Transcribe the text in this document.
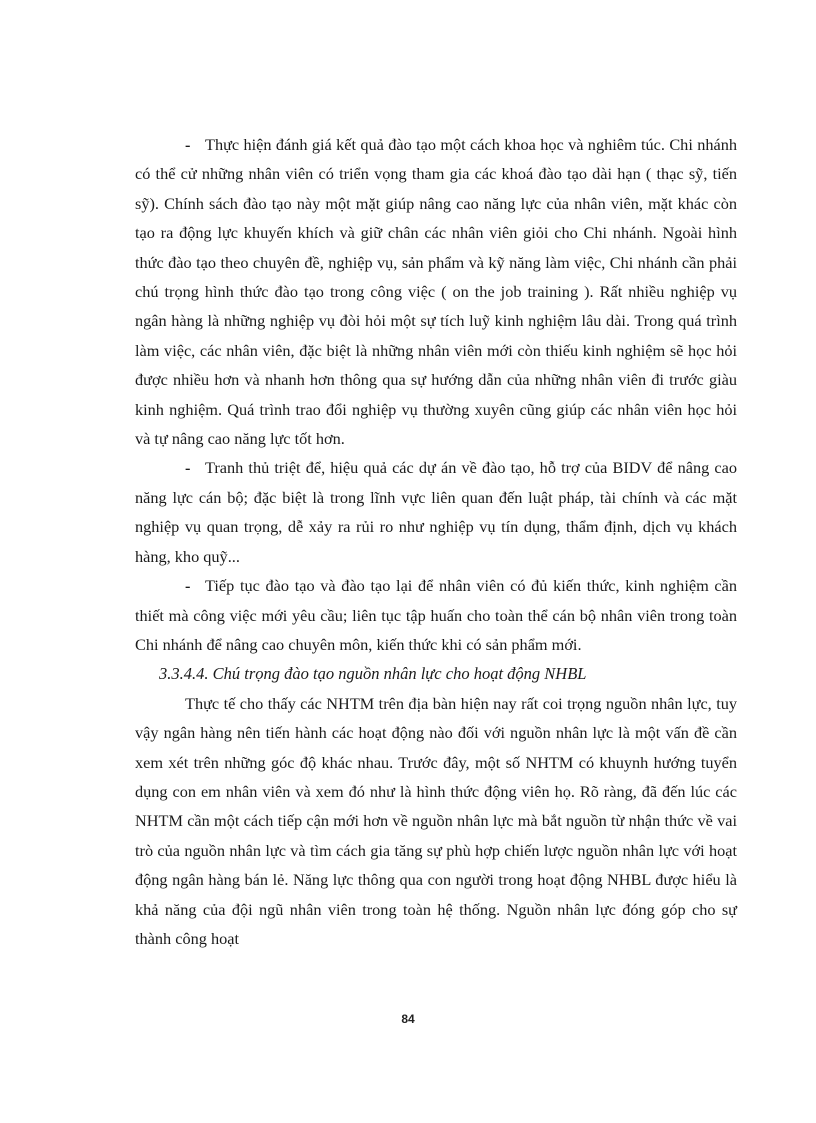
- Thực hiện đánh giá kết quả đào tạo một cách khoa học và nghiêm túc. Chi nhánh có thể cử những nhân viên có triển vọng tham gia các khoá đào tạo dài hạn ( thạc sỹ, tiến sỹ). Chính sách đào tạo này một mặt giúp nâng cao năng lực của nhân viên, mặt khác còn tạo ra động lực khuyến khích và giữ chân các nhân viên giỏi cho Chi nhánh. Ngoài hình thức đào tạo theo chuyên đề, nghiệp vụ, sản phẩm và kỹ năng làm việc, Chi nhánh cần phải chú trọng hình thức đào tạo trong công việc ( on the job training ). Rất nhiều nghiệp vụ ngân hàng là những nghiệp vụ đòi hỏi một sự tích luỹ kinh nghiệm lâu dài. Trong quá trình làm việc, các nhân viên, đặc biệt là những nhân viên mới còn thiếu kinh nghiệm sẽ học hỏi được nhiều hơn và nhanh hơn thông qua sự hướng dẫn của những nhân viên đi trước giàu kinh nghiệm. Quá trình trao đổi nghiệp vụ thường xuyên cũng giúp các nhân viên học hỏi và tự nâng cao năng lực tốt hơn.

- Tranh thủ triệt để, hiệu quả các dự án về đào tạo, hỗ trợ của BIDV để nâng cao năng lực cán bộ; đặc biệt là trong lĩnh vực liên quan đến luật pháp, tài chính và các mặt nghiệp vụ quan trọng, dễ xảy ra rủi ro như nghiệp vụ tín dụng, thẩm định, dịch vụ khách hàng, kho quỹ...

- Tiếp tục đào tạo và đào tạo lại để nhân viên có đủ kiến thức, kinh nghiệm cần thiết mà công việc mới yêu cầu; liên tục tập huấn cho toàn thể cán bộ nhân viên trong toàn Chi nhánh để nâng cao chuyên môn, kiến thức khi có sản phẩm mới.

3.3.4.4. Chú trọng đào tạo nguồn nhân lực cho hoạt động NHBL

Thực tế cho thấy các NHTM trên địa bàn hiện nay rất coi trọng nguồn nhân lực, tuy vậy ngân hàng nên tiến hành các hoạt động nào đối với nguồn nhân lực là một vấn đề cần xem xét trên những góc độ khác nhau. Trước đây, một số NHTM có khuynh hướng tuyển dụng con em nhân viên và xem đó như là hình thức động viên họ. Rõ ràng, đã đến lúc các NHTM cần một cách tiếp cận mới hơn về nguồn nhân lực mà bắt nguồn từ nhận thức về vai trò của nguồn nhân lực và tìm cách gia tăng sự phù hợp chiến lược nguồn nhân lực với hoạt động ngân hàng bán lẻ. Năng lực thông qua con người trong hoạt động NHBL được hiểu là khả năng của đội ngũ nhân viên trong toàn hệ thống. Nguồn nhân lực đóng góp cho sự thành công hoạt

84
